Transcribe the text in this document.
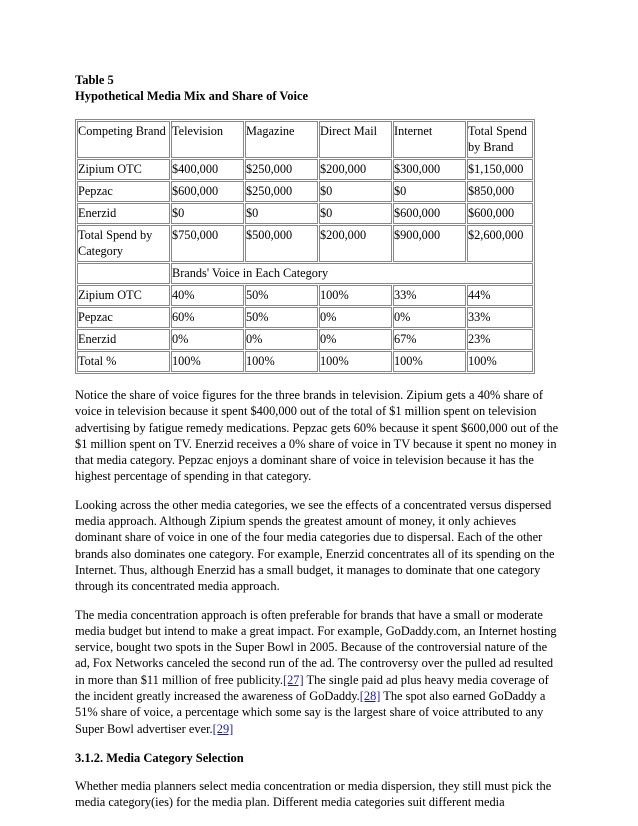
Table 5
Hypothetical Media Mix and Share of Voice
Competing Brand	Television	Magazine	Direct Mail	Internet	Total Spend by Brand
Zipium OTC	$400,000	$250,000	$200,000	$300,000	$1,150,000
Pepzac	$600,000	$250,000	$0	$0	$850,000
Enerzid	$0	$0	$0	$600,000	$600,000
Total Spend by Category	$750,000	$500,000	$200,000	$900,000	$2,600,000
	Brands' Voice in Each Category				
Zipium OTC	40%	50%	100%	33%	44%
Pepzac	60%	50%	0%	0%	33%
Enerzid	0%	0%	0%	67%	23%
Total %	100%	100%	100%	100%	100%

Notice the share of voice figures for the three brands in television. Zipium gets a 40% share of voice in television because it spent $400,000 out of the total of $1 million spent on television advertising by fatigue remedy medications. Pepzac gets 60% because it spent $600,000 out of the $1 million spent on TV. Enerzid receives a 0% share of voice in TV because it spent no money in that media category. Pepzac enjoys a dominant share of voice in television because it has the highest percentage of spending in that category.

Looking across the other media categories, we see the effects of a concentrated versus dispersed media approach. Although Zipium spends the greatest amount of money, it only achieves dominant share of voice in one of the four media categories due to dispersal. Each of the other brands also dominates one category. For example, Enerzid concentrates all of its spending on the Internet. Thus, although Enerzid has a small budget, it manages to dominate that one category through its concentrated media approach.

The media concentration approach is often preferable for brands that have a small or moderate media budget but intend to make a great impact. For example, GoDaddy.com, an Internet hosting service, bought two spots in the Super Bowl in 2005. Because of the controversial nature of the ad, Fox Networks canceled the second run of the ad. The controversy over the pulled ad resulted in more than $11 million of free publicity.[27] The single paid ad plus heavy media coverage of the incident greatly increased the awareness of GoDaddy.[28] The spot also earned GoDaddy a 51% share of voice, a percentage which some say is the largest share of voice attributed to any Super Bowl advertiser ever.[29]

3.1.2. Media Category Selection

Whether media planners select media concentration or media dispersion, they still must pick the media category(ies) for the media plan. Different media categories suit different media
